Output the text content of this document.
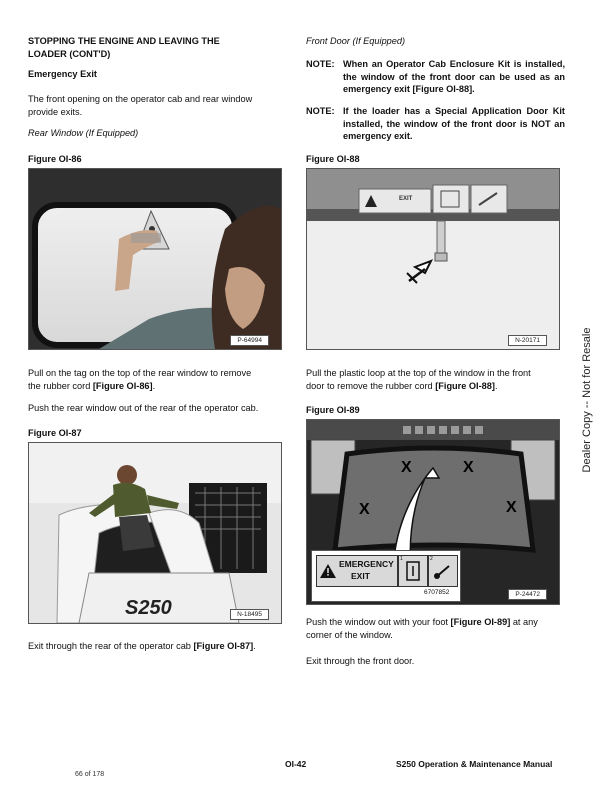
STOPPING THE ENGINE AND LEAVING THE
LOADER (CONT'D)
Emergency Exit
The front opening on the operator cab and rear window
provide exits.
Rear Window (If Equipped)
Figure OI-86
P-64994
Pull on the tag on the top of the rear window to remove
the rubber cord [Figure OI-86].
Push the rear window out of the rear of the operator cab.
Figure OI-87
S250	N-18495
Exit through the rear of the operator cab [Figure OI-87].
Front Door (If Equipped)
NOTE: When an Operator Cab Enclosure Kit is installed, the window of the front door can be used as an emergency exit [Figure OI-88].
NOTE: If the loader has a Special Application Door Kit installed, the window of the front door is NOT an emergency exit.
Figure OI-88
EXIT
N-20171
Pull the plastic loop at the top of the window in the front
door to remove the rubber cord [Figure OI-88].
Figure OI-89
X	X
X	X
EMERGENCY
EXIT
1	2
6707852	P-24472
Push the window out with your foot [Figure OI-89] at any
corner of the window.
Exit through the front door.
Dealer Copy -- Not for Resale
OI-42	S250 Operation & Maintenance Manual
66 of 178
